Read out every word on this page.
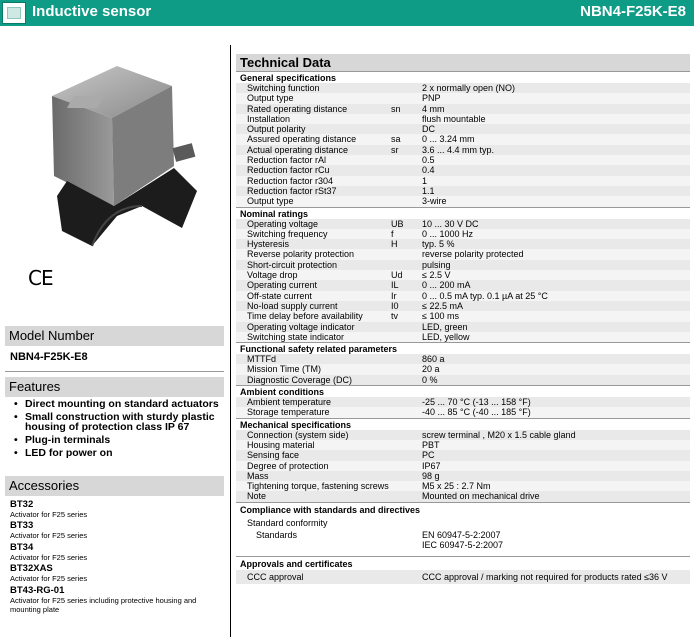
Inductive sensor	NBN4-F25K-E8
CE
Model Number
NBN4-F25K-E8
Features
• Direct mounting on standard actuators
• Small construction with sturdy plastic housing of protection class IP 67
• Plug-in terminals
• LED for power on
Accessories
BT32
Activator for F25 series
BT33
Activator for F25 series
BT34
Activator for F25 series
BT32XAS
Activator for F25 series
BT43-RG-01
Activator for F25 series including protective housing and mounting plate
Technical Data
General specifications
Switching function	2 x normally open (NO)
Output type	PNP
Rated operating distance	sn 4 mm
Installation	flush mountable
Output polarity	DC
Assured operating distance	sa 0 ... 3.24 mm
Actual operating distance	sr	3.6 ... 4.4 mm typ.
Reduction factor rAl	0.5
Reduction factor rCu	0.4
Reduction factor r304	1
Reduction factor rSt37	1.1
Output type	3-wire
Nominal ratings
Operating voltage	UB 10 ... 30 V DC
Switching frequency	f	0 ... 1000 Hz
Hysteresis	H	typ. 5 %
Reverse polarity protection	reverse polarity protected
Short-circuit protection	pulsing
Voltage drop	Ud ≤ 2.5 V
Operating current	IL	0 ... 200 mA
Off-state current	Ir	0 ... 0.5 mA typ. 0.1 µA at 25 °C
No-load supply current	I0	≤ 22.5 mA
Time delay before availability	tv	≤ 100 ms
Operating voltage indicator	LED, green
Switching state indicator	LED, yellow
Functional safety related parameters
MTTFd	860 a
Mission Time (TM)	20 a
Diagnostic Coverage (DC)	0 %
Ambient conditions
Ambient temperature	-25 ... 70 °C (-13 ... 158 °F)
Storage temperature	-40 ... 85 °C (-40 ... 185 °F)
Mechanical specifications
Connection (system side)	screw terminal , M20 x 1.5 cable gland
Housing material	PBT
Sensing face	PC
Degree of protection	IP67
Mass	98 g
Tightening torque, fastening screws	M5 x 25 : 2.7 Nm
Note	Mounted on mechanical drive
Compliance with standards and directives
Standard conformity
Standards	EN 60947-5-2:2007
IEC 60947-5-2:2007
Approvals and certificates
CCC approval	CCC approval / marking not required for products rated ≤36 V
